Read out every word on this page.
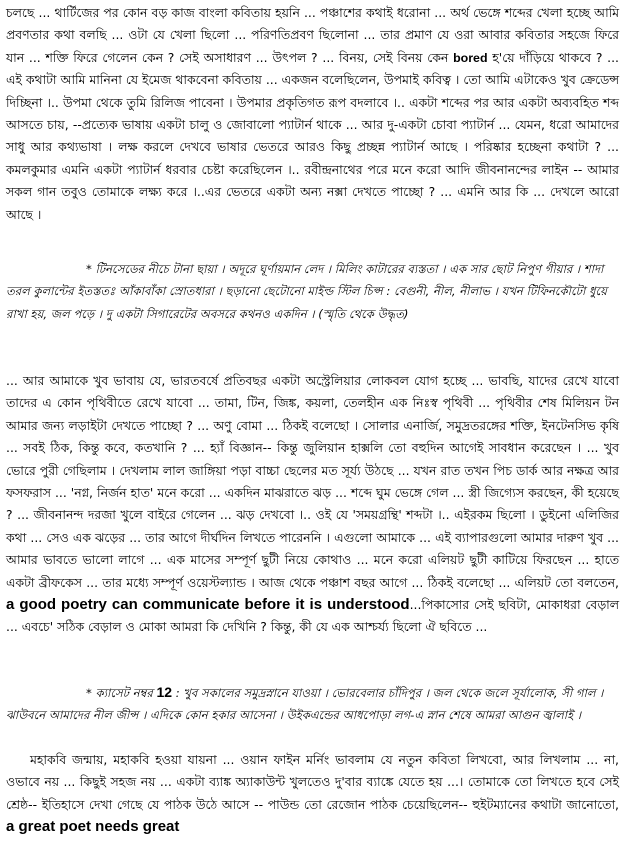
চলছে ... থার্টিজের পর কোন বড় কাজ বাংলা কবিতায় হয়নি ... পঞ্চাশের কথাই ধরোনা ... অর্থ ভেঙ্গে শব্দের খেলা হচ্ছে আমি প্রবণতার কথা বলছি ... ওটা যে খেলা ছিলো ... পরিণতিপ্রবণ ছিলোনা ... তার প্রমাণ যে ওরা আবার কবিতার সহজে ফিরে যান ... শক্তি ফিরে গেলেন কেন ? সেই অসাধারণ ... উৎপল ? ... বিনয়, সেই বিনয় কেন bored হ'য়ে দাঁড়িয়ে থাকবে ? ... এই কথাটা আমি মানিনা যে ইমেজ থাকবেনা কবিতায় ... একজন বলেছিলেন, উপমাই কবিত্ব । তো আমি এটাকেও খুব ক্রেডেন্স দিচ্ছিনা ।.. উপমা থেকে তুমি রিলিজ পাবেনা । উপমার প্রকৃতিগত রূপ বদলাবে ।.. একটা শব্দের পর আর একটা অব্যবহিত শব্দ আসতে চায়, --প্রত্যেক ভাষায় একটা চালু ও জোবালো প্যাটার্ন থাকে ... আর দু-একটা চোবা প্যাটার্ন ... যেমন, ধরো আমাদের সাধু আর কথ্যভাষা । লক্ষ করলে দেখবে ভাষার ভেতরে আরও কিছু প্রচ্ছন্ন প্যাটার্ন আছে । পরিষ্কার হচ্ছেনা কথাটা ? ... কমলকুমার এমনি একটা প্যাটার্ন ধরবার চেষ্টা করেছিলেন ।.. রবীন্দ্রনাথের পরে মনে করো আদি জীবনানন্দের লাইন -- আমার সকল গান তবুও তোমাকে লক্ষ্য করে ।..এর ভেতরে একটা অন্য নক্সা দেখতে পাচ্ছো ? ... এমনি আর কি ... দেখলে আরো আছে ।

* টিনসেডের নীচে টানা ছায়া । অদূরে ঘূর্ণায়মান লেদ । মিলিং কাটারের ব্যস্ততা । এক সার ছোট নিপুণ গীয়ার । শাদা তরল কুলান্টের ইতস্ততঃ আঁকাবাঁকা স্রোতধারা । ছড়ানো ছেটোনো মাইল্ড স্টিল চিপ্স : বেগুনী, নীল, নীলাভ । যখন টিফিনকৌটো ধুয়ে রাখা হয়, জল পড়ে । দু একটা সিগারেটের অবসরে কথনও একদিন । (স্মৃতি থেকে উদ্ধৃত)

... আর আমাকে খুব ভাবায় যে, ভারতবর্ষে প্রতিবছর একটা অস্ট্রেলিয়ার লোকবল যোগ হচ্ছে ... ভাবছি, যাদের রেখে যাবো তাদের এ কোন পৃথিবীতে রেখে যাবো ... তামা, টিন, জিঙ্ক, কয়লা, তেলহীন এক নিঃস্ব পৃথিবী ... পৃথিবীর শেষ মিলিয়ন টন আমার জন্য লড়াইটা দেখতে পাচ্ছো ? ... অণু বোমা ... ঠিকই বলেছো । সোলার এনার্জি, সমুদ্রতরঙ্গের শক্তি, ইনটেনসিভ কৃষি ... সবই ঠিক, কিন্তু কবে, কতখানি ? ... হ্যাঁ বিজ্ঞান-- কিন্তু জুলিয়ান হাক্সলি তো বহুদিন আগেই সাবধান করেছেন । ... খুব ভোরে পুরী গেছিলাম । দেখলাম লাল জাঙ্গিয়া পড়া বাচ্চা ছেলের মত সূর্য্য উঠছে ... যখন রাত তখন পিচ ডার্ক আর নক্ষত্র আর ফসফরাস ... 'নগ্ন, নির্জন হাত' মনে করো ... একদিন মাঝরাতে ঝড় ... শব্দে ঘুম ভেঙ্গে গেল ... স্ত্রী জিগ্যেস করছেন, কী হয়েছে ? ... জীবনানন্দ দরজা খুলে বাইরে গেলেন ... ঝড় দেখবো ।.. ওই যে 'সময়গ্রন্থি' শব্দটা ।.. এইরকম ছিলো । ডুইনো এলিজির কথা ... সেও এক ঝড়ের ... তার আগে দীর্ঘদিন লিখতে পারেননি । এগুলো আমাকে ... এই ব্যাপারগুলো আমার দারুণ খুব ... আমার ভাবতে ভালো লাগে ... এক মাসের সম্পূর্ণ ছুটী নিয়ে কোথাও ... মনে করো এলিয়ট ছুটী কাটিয়ে ফিরছেন ... হাতে একটা ব্রীফকেস ... তার মধ্যে সম্পূর্ণ ওয়েস্টল্যান্ড । আজ থেকে পঞ্চাশ বছর আগে ... ঠিকই বলেছো ... এলিয়ট তো বলতেন, a good poetry can communicate before it is understood...পিকাসোর সেই ছবিটা, মোকাধরা বেড়াল ... এবচে' সঠিক বেড়াল ও মোকা আমরা কি দেখিনি ? কিন্তু, কী যে এক আশ্চর্য্য ছিলো ঐ ছবিতে ...

* ক্যাসেট নম্বর 12 : খুব সকালের সমুদ্রস্নানে যাওয়া । ভোরবেলার চাঁদিপুর । জল থেকে জলে সূর্যালোক, সী গাল । ঝাউবনে আমাদের নীল জীন্স । এদিকে কোন হকার আসেনা । উইকএন্ডের আধপোড়া লগ-এ স্নান শেষে আমরা আগুন জ্বালাই ।

মহাকবি জন্মায়, মহাকবি হওয়া যায়না ... ওয়ান ফাইন মর্নিং ভাবলাম যে নতুন কবিতা লিখবো, আর লিখলাম ... না, ওভাবে নয় ... কিছুই সহজ নয় ... একটা ব্যাঙ্ক অ্যাকাউন্ট খুলতেও দু'বার ব্যাঙ্কে যেতে হয় ...। তোমাকে তো লিখতে হবে সেই শ্রেষ্ঠ-- ইতিহাসে দেখা গেছে যে পাঠক উঠে আসে -- পাউন্ড তো রেজোন পাঠক চেয়েছিলেন-- হুইটম্যানের কথাটা জানোতো, a great poet needs great
